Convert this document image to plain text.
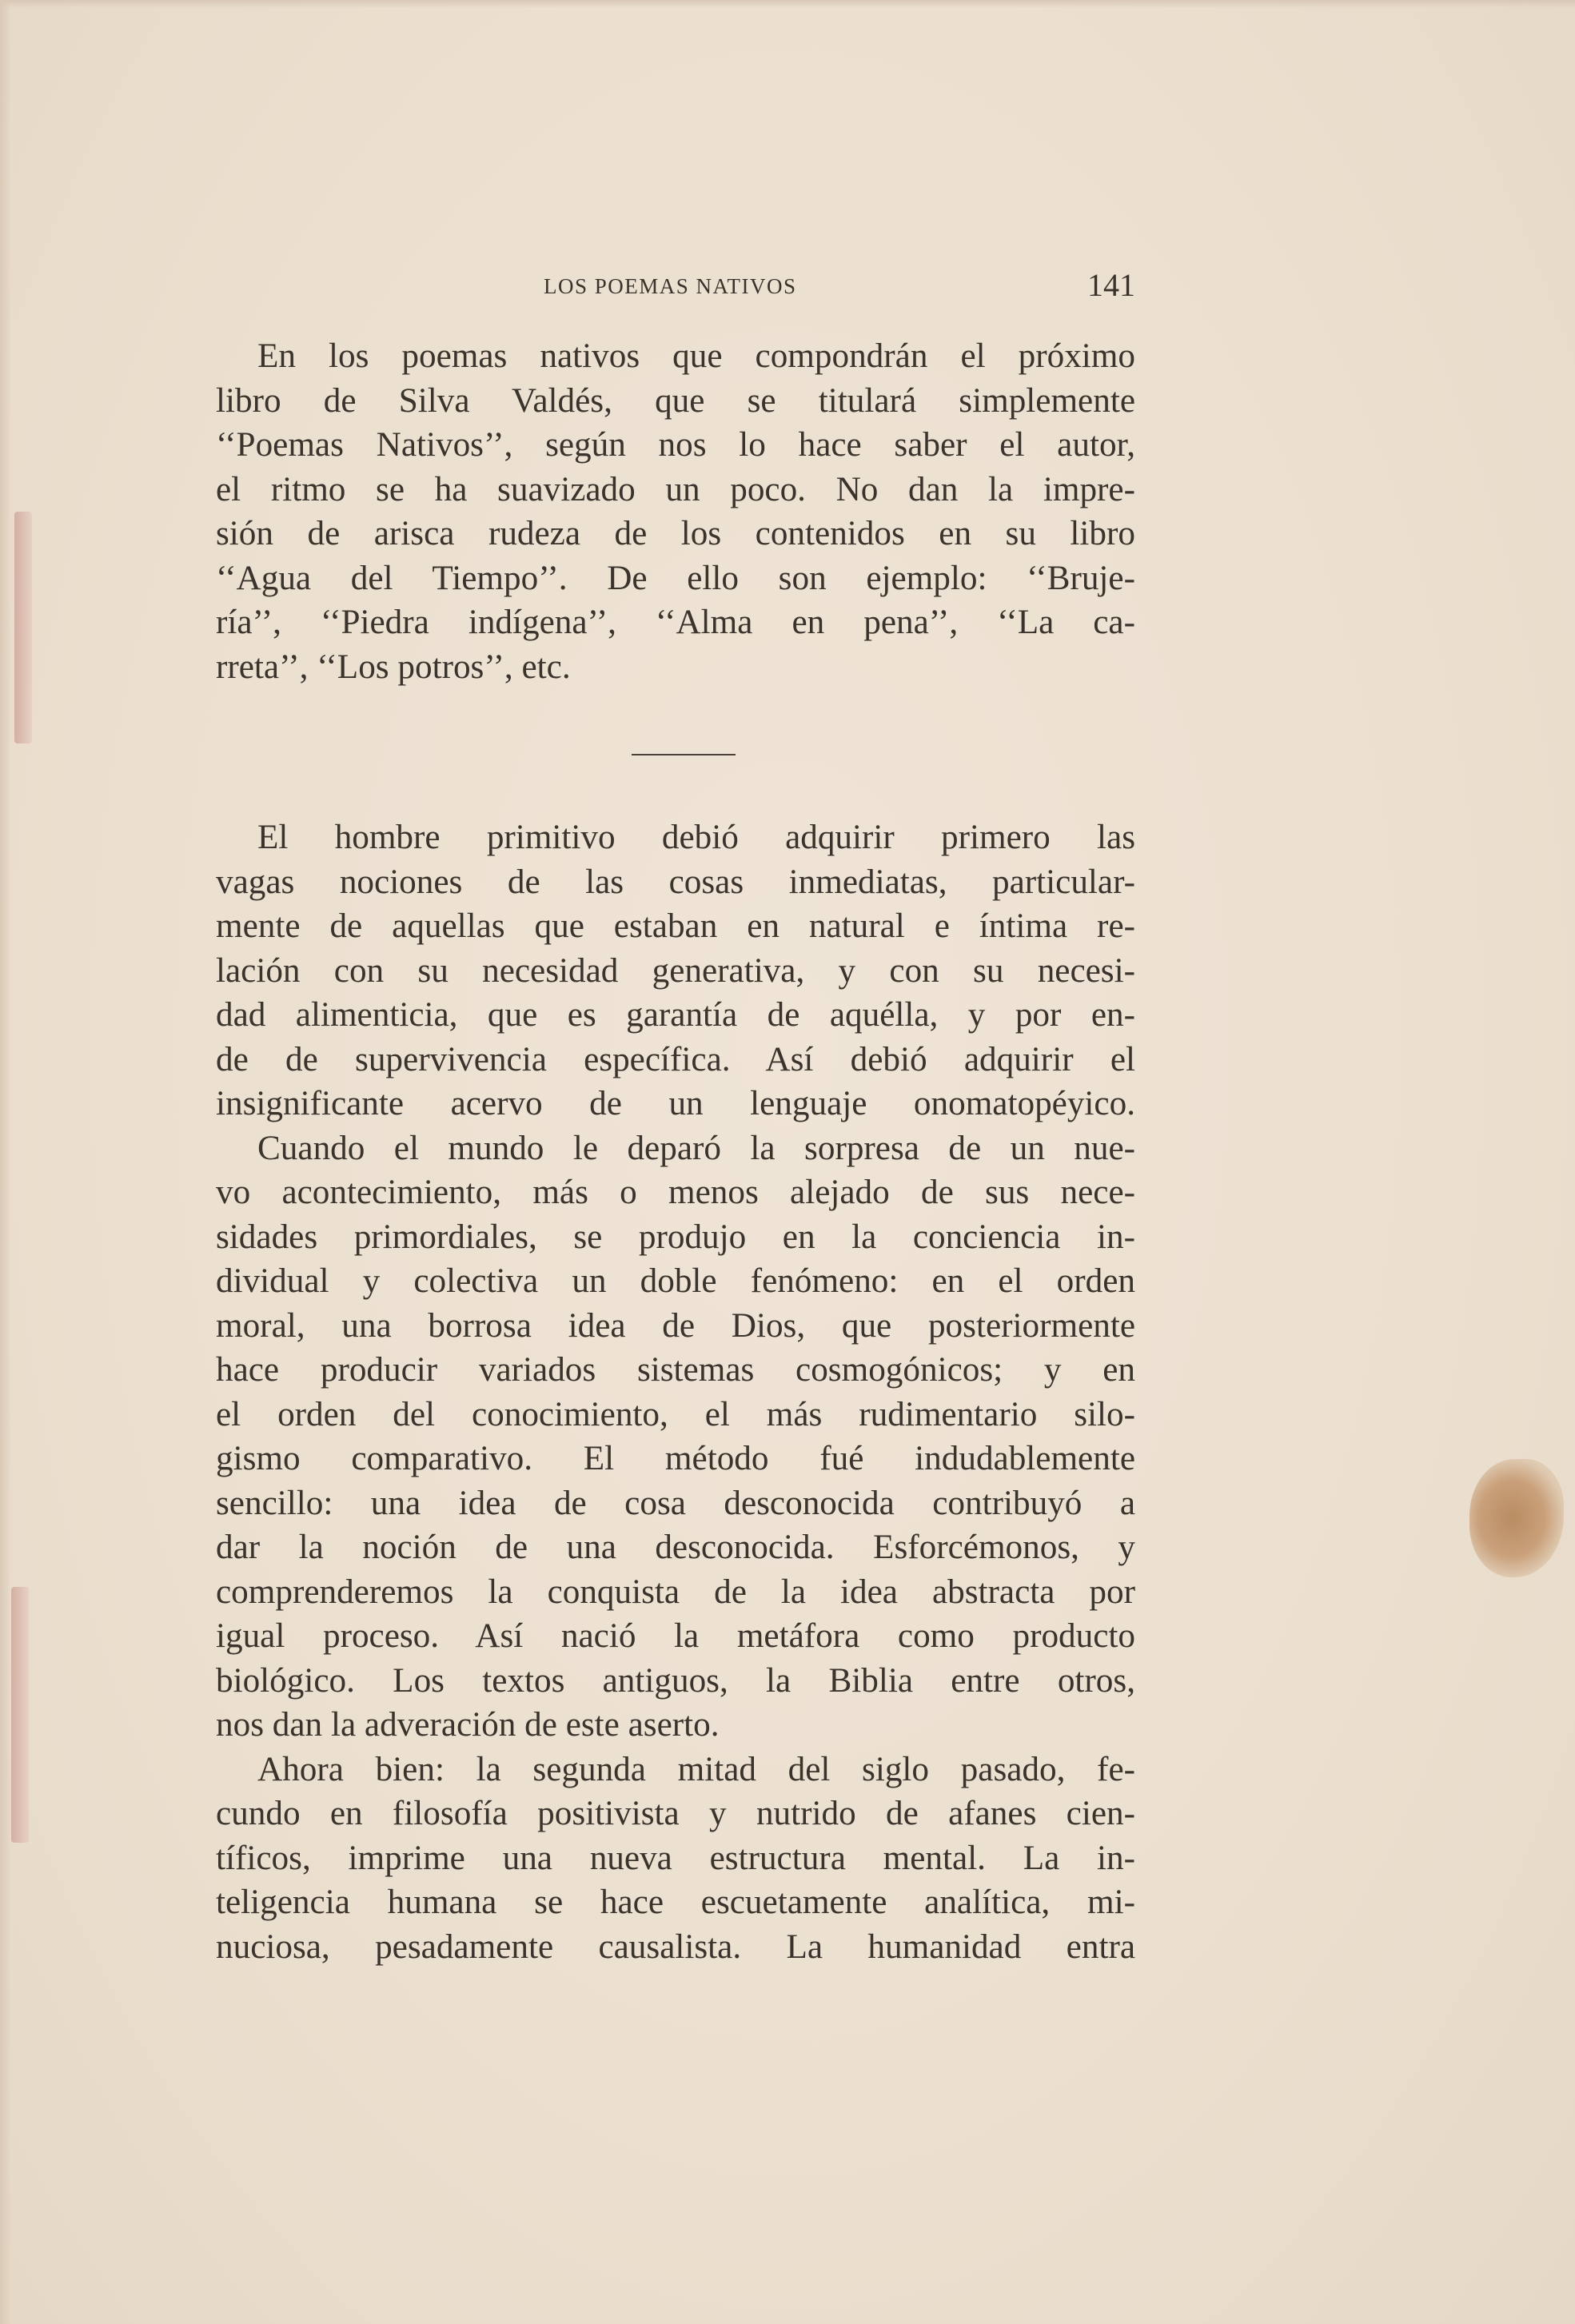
LOS POEMAS NATIVOS	141
En los poemas nativos que compondrán el próximo
libro de Silva Valdés, que se titulará simplemente
‘‘Poemas Nativos’’, según nos lo hace saber el autor,
el ritmo se ha suavizado un poco. No dan la impre-
sión de arisca rudeza de los contenidos en su libro
‘‘Agua del Tiempo’’. De ello son ejemplo: ‘‘Bruje-
ría’’, ‘‘Piedra indígena’’, ‘‘Alma en pena’’, ‘‘La ca-
rreta’’, ‘‘Los potros’’, etc.
El hombre primitivo debió adquirir primero las
vagas nociones de las cosas inmediatas, particular-
mente de aquellas que estaban en natural e íntima re-
lación con su necesidad generativa, y con su necesi-
dad alimenticia, que es garantía de aquélla, y por en-
de de supervivencia específica. Así debió adquirir el
insignificante acervo de un lenguaje onomatopéyico.
Cuando el mundo le deparó la sorpresa de un nue-
vo acontecimiento, más o menos alejado de sus nece-
sidades primordiales, se produjo en la conciencia in-
dividual y colectiva un doble fenómeno: en el orden
moral, una borrosa idea de Dios, que posteriormente
hace producir variados sistemas cosmogónicos; y en
el orden del conocimiento, el más rudimentario silo-
gismo comparativo. El método fué indudablemente
sencillo: una idea de cosa desconocida contribuyó a
dar la noción de una desconocida. Esforcémonos, y
comprenderemos la conquista de la idea abstracta por
igual proceso. Así nació la metáfora como producto
biológico. Los textos antiguos, la Biblia entre otros,
nos dan la adveración de este aserto.
Ahora bien: la segunda mitad del siglo pasado, fe-
cundo en filosofía positivista y nutrido de afanes cien-
tíficos, imprime una nueva estructura mental. La in-
teligencia humana se hace escuetamente analítica, mi-
nuciosa, pesadamente causalista. La humanidad entra
